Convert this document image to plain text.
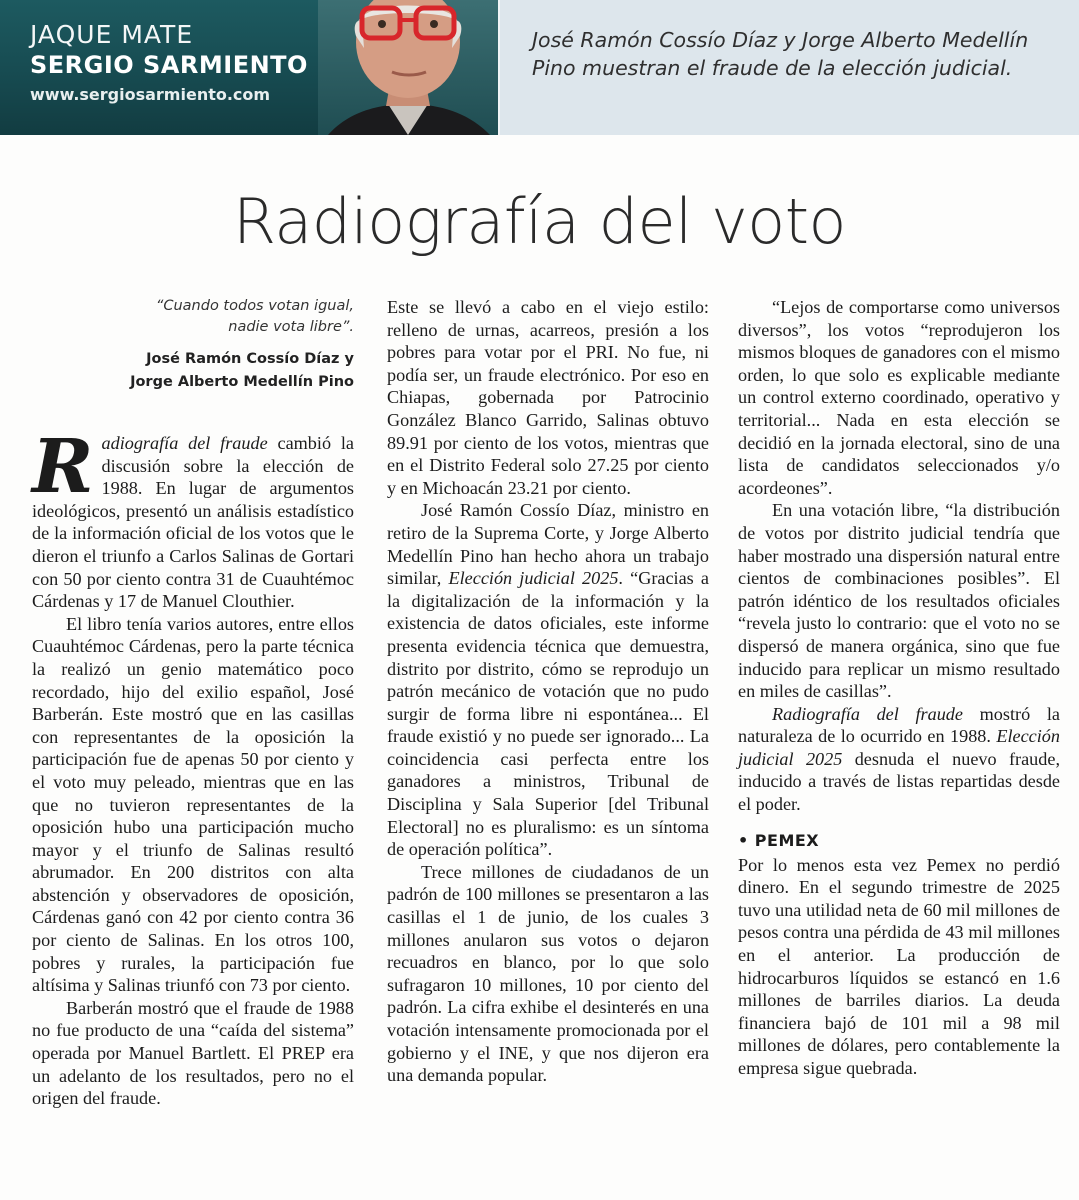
JAQUE MATE
SERGIO SARMIENTO
www.sergiosarmiento.com
José Ramón Cossío Díaz y Jorge Alberto Medellín Pino muestran el fraude de la elección judicial.
Radiografía del voto
“Cuando todos votan igual,
nadie vota libre”.
José Ramón Cossío Díaz y
Jorge Alberto Medellín Pino

Radiografía del fraude cambió la discusión sobre la elección de 1988. En lugar de argumentos ideológicos, presentó un análisis estadístico de la información oficial de los votos que le dieron el triunfo a Carlos Salinas de Gortari con 50 por ciento contra 31 de Cuauhtémoc Cárdenas y 17 de Manuel Clouthier.

El libro tenía varios autores, entre ellos Cuauhtémoc Cárdenas, pero la parte técnica la realizó un genio matemático poco recordado, hijo del exilio español, José Barberán. Este mostró que en las casillas con representantes de la oposición la participación fue de apenas 50 por ciento y el voto muy peleado, mientras que en las que no tuvieron representantes de la oposición hubo una participación mucho mayor y el triunfo de Salinas resultó abrumador. En 200 distritos con alta abstención y observadores de oposición, Cárdenas ganó con 42 por ciento contra 36 por ciento de Salinas. En los otros 100, pobres y rurales, la participación fue altísima y Salinas triunfó con 73 por ciento.

Barberán mostró que el fraude de 1988 no fue producto de una “caída del sistema” operada por Manuel Bartlett. El PREP era un adelanto de los resultados, pero no el origen del fraude.

Este se llevó a cabo en el viejo estilo: relleno de urnas, acarreos, presión a los pobres para votar por el PRI. No fue, ni podía ser, un fraude electrónico. Por eso en Chiapas, gobernada por Patrocinio González Blanco Garrido, Salinas obtuvo 89.91 por ciento de los votos, mientras que en el Distrito Federal solo 27.25 por ciento y en Michoacán 23.21 por ciento.

José Ramón Cossío Díaz, ministro en retiro de la Suprema Corte, y Jorge Alberto Medellín Pino han hecho ahora un trabajo similar, Elección judicial 2025. “Gracias a la digitalización de la información y la existencia de datos oficiales, este informe presenta evidencia técnica que demuestra, distrito por distrito, cómo se reprodujo un patrón mecánico de votación que no pudo surgir de forma libre ni espontánea... El fraude existió y no puede ser ignorado... La coincidencia casi perfecta entre los ganadores a ministros, Tribunal de Disciplina y Sala Superior [del Tribunal Electoral] no es pluralismo: es un síntoma de operación política”.

Trece millones de ciudadanos de un padrón de 100 millones se presentaron a las casillas el 1 de junio, de los cuales 3 millones anularon sus votos o dejaron recuadros en blanco, por lo que solo sufragaron 10 millones, 10 por ciento del padrón. La cifra exhibe el desinterés en una votación intensamente promocionada por el gobierno y el INE, y que nos dijeron era una demanda popular.

“Lejos de comportarse como universos diversos”, los votos “reprodujeron los mismos bloques de ganadores con el mismo orden, lo que solo es explicable mediante un control externo coordinado, operativo y territorial... Nada en esta elección se decidió en la jornada electoral, sino de una lista de candidatos seleccionados y/o acordeones”.

En una votación libre, “la distribución de votos por distrito judicial tendría que haber mostrado una dispersión natural entre cientos de combinaciones posibles”. El patrón idéntico de los resultados oficiales “revela justo lo contrario: que el voto no se dispersó de manera orgánica, sino que fue inducido para replicar un mismo resultado en miles de casillas”.

Radiografía del fraude mostró la naturaleza de lo ocurrido en 1988. Elección judicial 2025 desnuda el nuevo fraude, inducido a través de listas repartidas desde el poder.

• PEMEX

Por lo menos esta vez Pemex no perdió dinero. En el segundo trimestre de 2025 tuvo una utilidad neta de 60 mil millones de pesos contra una pérdida de 43 mil millones en el anterior. La producción de hidrocarburos líquidos se estancó en 1.6 millones de barriles diarios. La deuda financiera bajó de 101 mil a 98 mil millones de dólares, pero contablemente la empresa sigue quebrada.
